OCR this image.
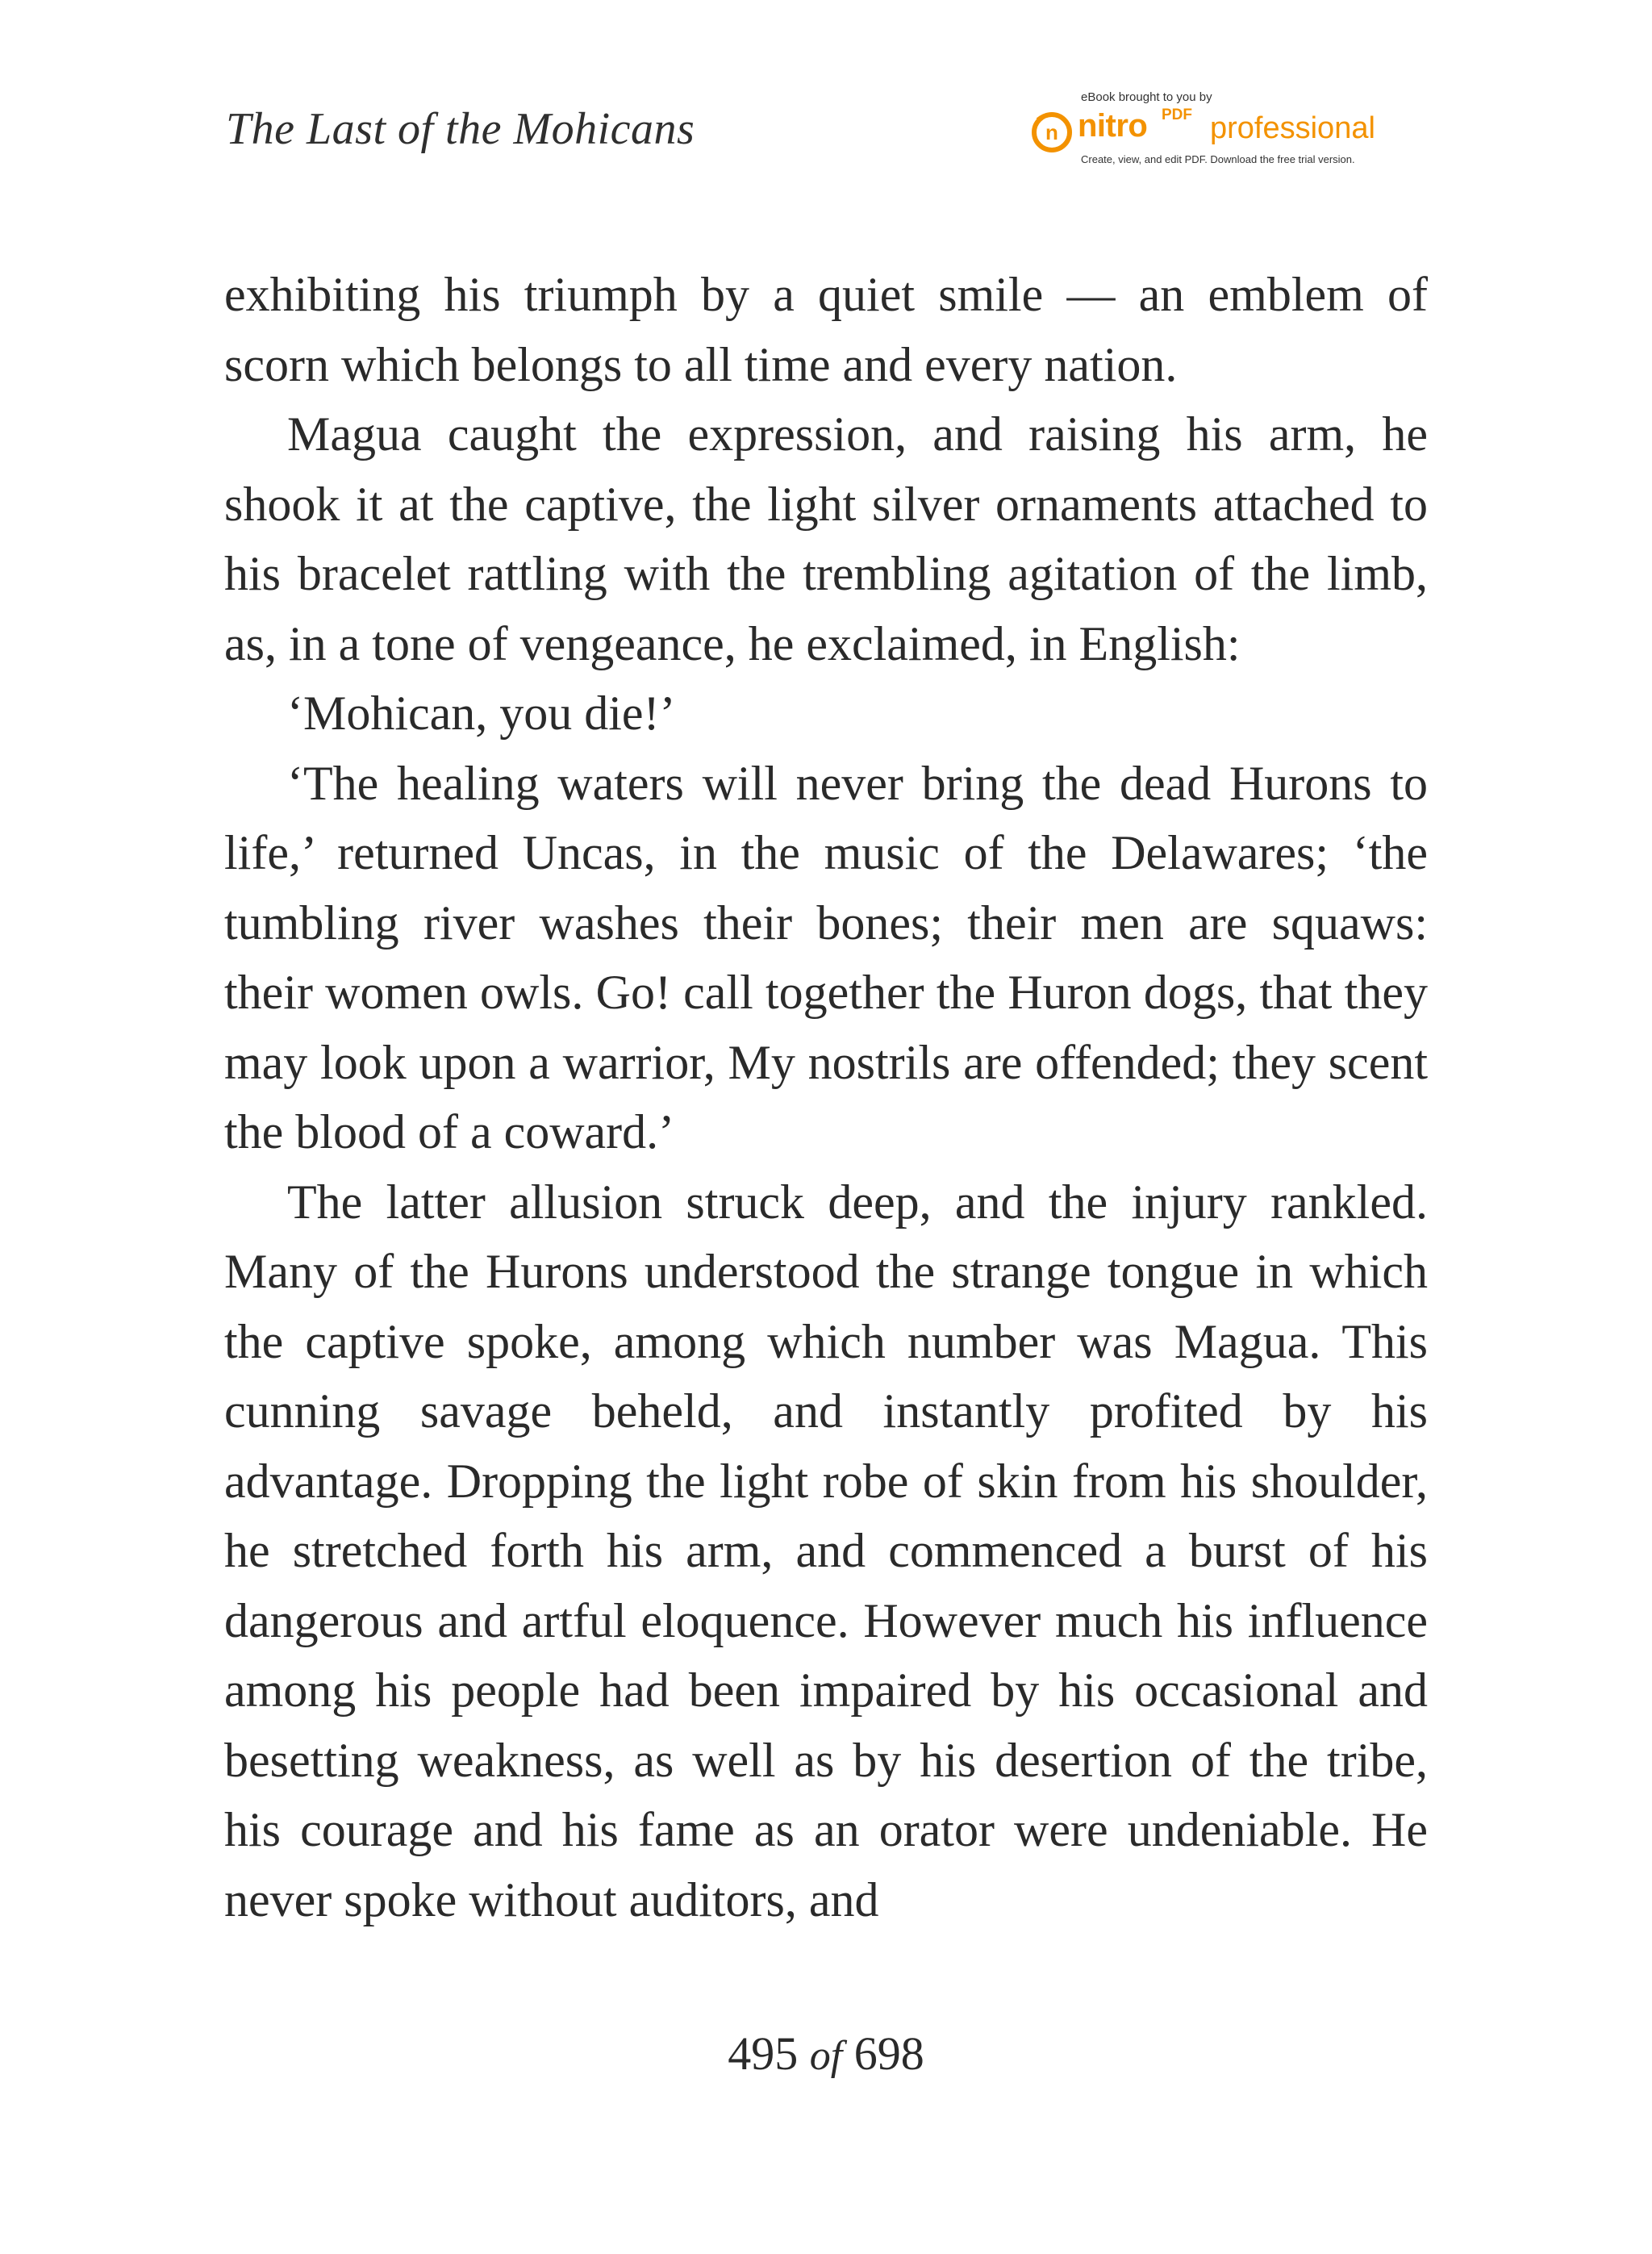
The Last of the Mohicans
eBook brought to you by
n nitro PDF professional
Create, view, and edit PDF. Download the free trial version.

exhibiting his triumph by a quiet smile — an emblem of scorn which belongs to all time and every nation.

Magua caught the expression, and raising his arm, he shook it at the captive, the light silver ornaments attached to his bracelet rattling with the trembling agitation of the limb, as, in a tone of vengeance, he exclaimed, in English:

‘Mohican, you die!’

‘The healing waters will never bring the dead Hurons to life,’ returned Uncas, in the music of the Delawares; ‘the tumbling river washes their bones; their men are squaws: their women owls. Go! call together the Huron dogs, that they may look upon a warrior, My nostrils are offended; they scent the blood of a coward.’

The latter allusion struck deep, and the injury rankled. Many of the Hurons understood the strange tongue in which the captive spoke, among which number was Magua. This cunning savage beheld, and instantly profited by his advantage. Dropping the light robe of skin from his shoulder, he stretched forth his arm, and commenced a burst of his dangerous and artful eloquence. However much his influence among his people had been impaired by his occasional and besetting weakness, as well as by his desertion of the tribe, his courage and his fame as an orator were undeniable. He never spoke without auditors, and

495 of 698
